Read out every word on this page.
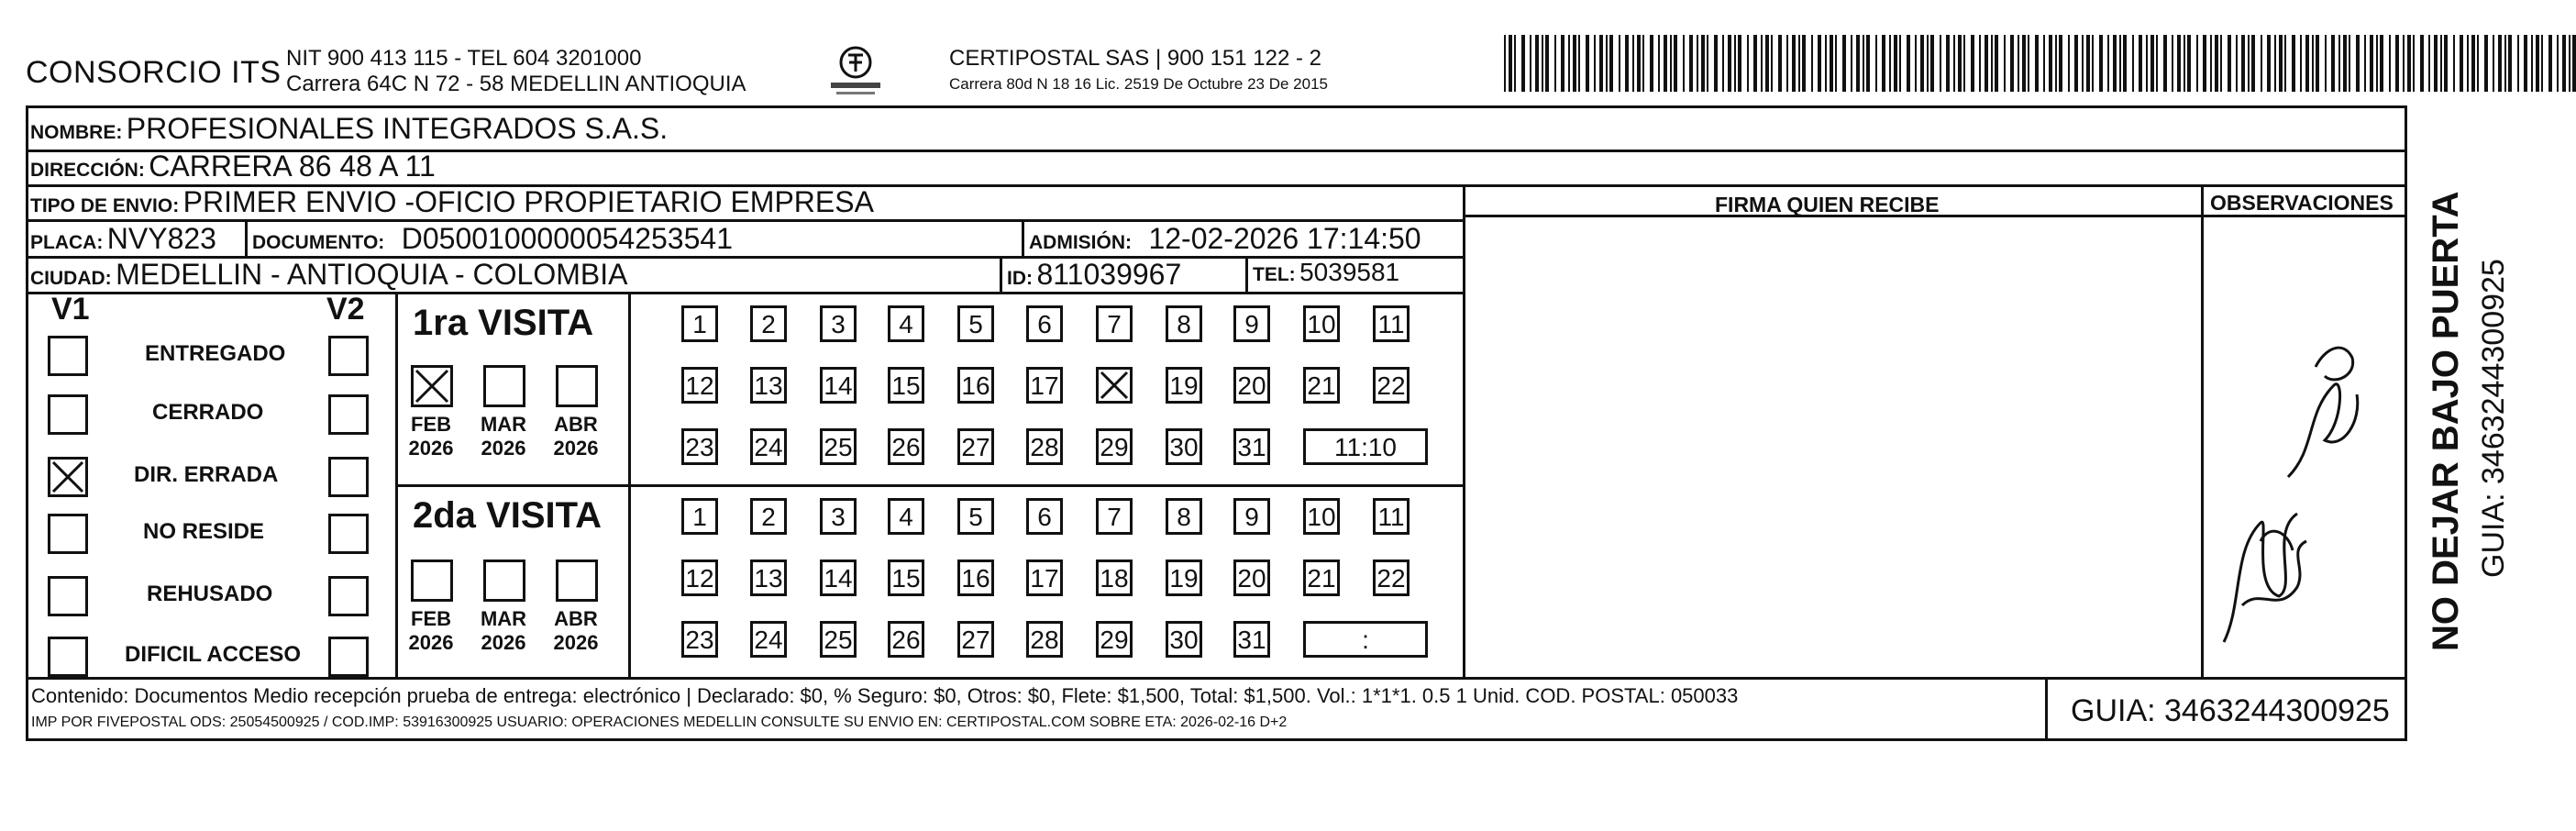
CONSORCIO ITS NIT 900 413 115 - TEL 604 3201000
Carrera 64C N 72 - 58 MEDELLIN ANTIOQUIA
CERTIPOSTAL SAS | 900 151 122 - 2
Carrera 80d N 18 16 Lic. 2519 De Octubre 23 De 2015
NOMBRE: PROFESIONALES INTEGRADOS S.A.S.
DIRECCIÓN: CARRERA 86 48 A 11
TIPO DE ENVIO: PRIMER ENVIO -OFICIO PROPIETARIO EMPRESA	FIRMA QUIEN RECIBE	OBSERVACIONES
PLACA: NVY823 DOCUMENTO: D0500100000054253541	ADMISIÓN: 12-02-2026 17:14:50
CIUDAD: MEDELLIN - ANTIOQUIA - COLOMBIA	ID: 811039967	TEL: 5039581
V1	V2
ENTREGADO
CERRADO
DIR. ERRADA
NO RESIDE
REHUSADO
DIFICIL ACCESO
1ra VISITA
FEB
2026
MAR
2026
ABR
2026
1	2	3	4	5	6	7	8	9	10 11
12 13 14 15 16 17	19 20 21 22
23 24 25 26 27 28 29 30 31	11:10
2da VISITA
FEB
2026
MAR
2026
ABR
2026
1	2	3	4	5	6	7	8	9	10 11
12 13 14 15 16 17 18 19 20 21 22
23 24 25 26 27 28 29 30 31	:
Contenido: Documentos Medio recepción prueba de entrega: electrónico | Declarado: $0, % Seguro: $0, Otros: $0, Flete: $1,500, Total: $1,500. Vol.: 1*1*1. 0.5 1 Unid. COD. POSTAL: 050033
IMP POR FIVEPOSTAL ODS: 25054500925 / COD.IMP: 53916300925 USUARIO: OPERACIONES MEDELLIN CONSULTE SU ENVIO EN: CERTIPOSTAL.COM SOBRE ETA: 2026-02-16 D+2	GUIA: 3463244300925
NO DEJAR BAJO PUERTA GUIA: 3463244300925
